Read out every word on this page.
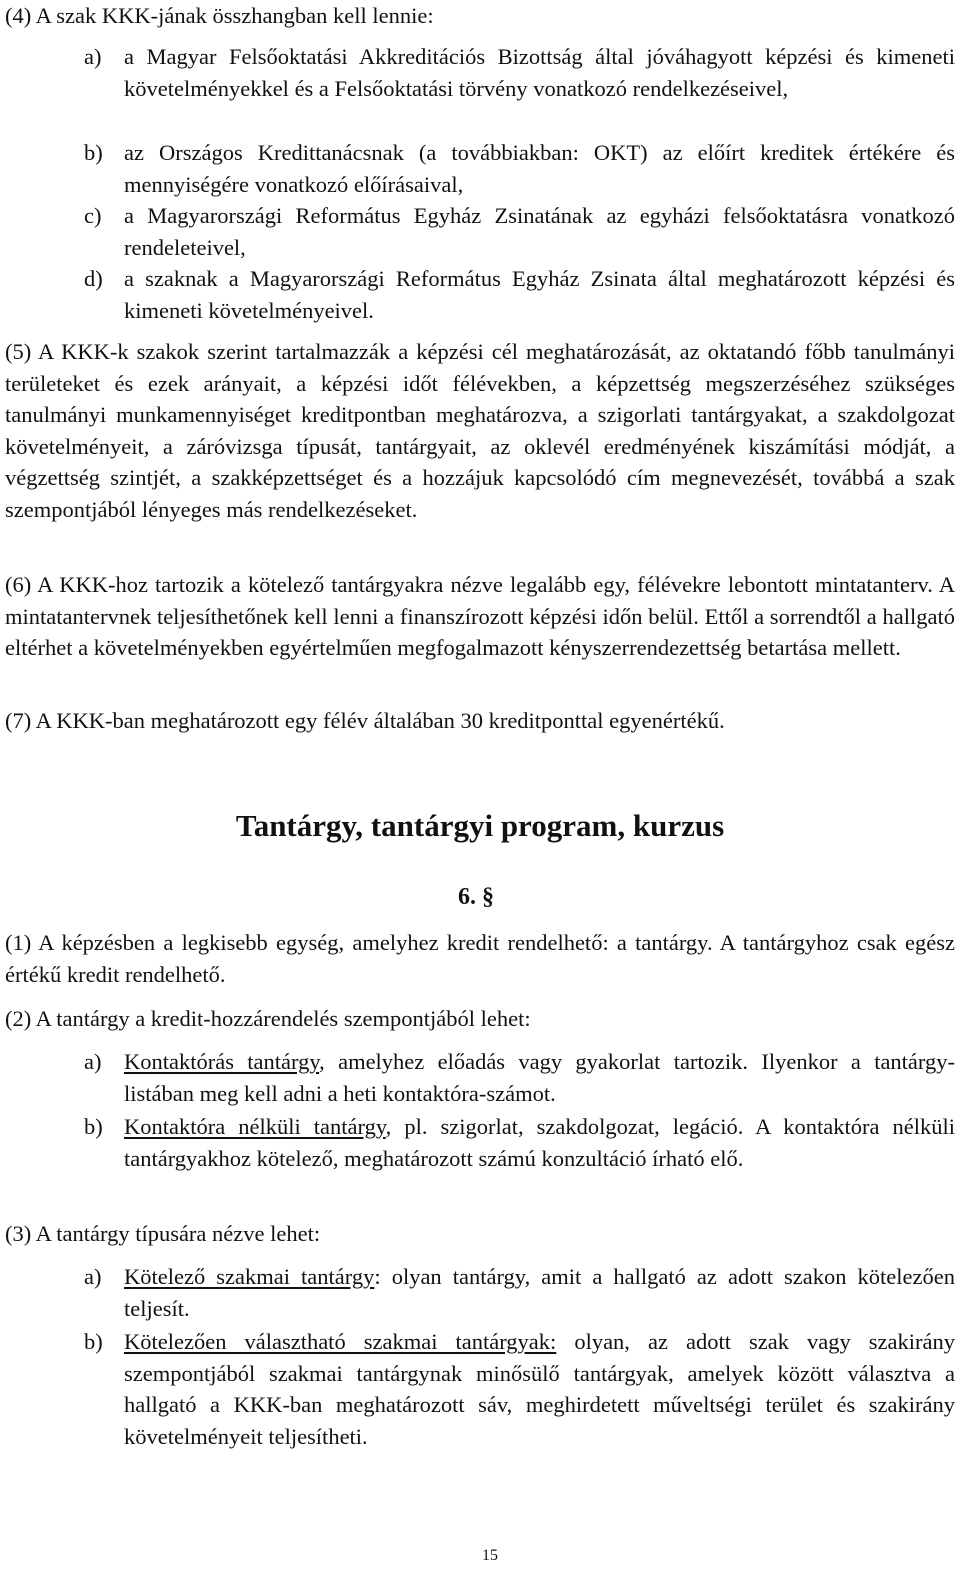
(4) A szak KKK-jának összhangban kell lennie:

a) a Magyar Felsőoktatási Akkreditációs Bizottság által jóváhagyott képzési és kimeneti követelményekkel és a Felsőoktatási törvény vonatkozó rendelkezéseivel,
b) az Országos Kredittanácsnak (a továbbiakban: OKT) az előírt kreditek értékére és mennyiségére vonatkozó előírásaival,
c) a Magyarországi Református Egyház Zsinatának az egyházi felsőoktatásra vonatkozó rendeleteivel,
d) a szaknak a Magyarországi Református Egyház Zsinata által meghatározott képzési és kimeneti követelményeivel.

(5) A KKK-k szakok szerint tartalmazzák a képzési cél meghatározását, az oktatandó főbb tanulmányi területeket és ezek arányait, a képzési időt félévekben, a képzettség megszerzéséhez szükséges tanulmányi munkamennyiséget kreditpontban meghatározva, a szigorlati tantárgyakat, a szakdolgozat követelményeit, a záróvizsga típusát, tantárgyait, az oklevél eredményének kiszámítási módját, a végzettség szintjét, a szakképzettséget és a hozzájuk kapcsolódó cím megnevezését, továbbá a szak szempontjából lényeges más rendelkezéseket.

(6) A KKK-hoz tartozik a kötelező tantárgyakra nézve legalább egy, félévekre lebontott mintatanterv. A mintatantervnek teljesíthetőnek kell lenni a finanszírozott képzési időn belül. Ettől a sorrendtől a hallgató eltérhet a követelményekben egyértelműen megfogalmazott kényszerrendezettség betartása mellett.

(7) A KKK-ban meghatározott egy félév általában 30 kreditponttal egyenértékű.

Tantárgy, tantárgyi program, kurzus
6. §

(1) A képzésben a legkisebb egység, amelyhez kredit rendelhető: a tantárgy. A tantárgyhoz csak egész értékű kredit rendelhető.

(2) A tantárgy a kredit-hozzárendelés szempontjából lehet:

a) Kontaktórás tantárgy, amelyhez előadás vagy gyakorlat tartozik. Ilyenkor a tantárgy-listában meg kell adni a heti kontaktóra-számot.
b) Kontaktóra nélküli tantárgy, pl. szigorlat, szakdolgozat, legáció. A kontaktóra nélküli tantárgyakhoz kötelező, meghatározott számú konzultáció írható elő.

(3) A tantárgy típusára nézve lehet:

a) Kötelező szakmai tantárgy: olyan tantárgy, amit a hallgató az adott szakon kötelezően teljesít.
b) Kötelezően választható szakmai tantárgyak: olyan, az adott szak vagy szakirány szempontjából szakmai tantárgynak minősülő tantárgyak, amelyek között választva a hallgató a KKK-ban meghatározott sáv, meghirdetett műveltségi terület és szakirány követelményeit teljesítheti.
15
